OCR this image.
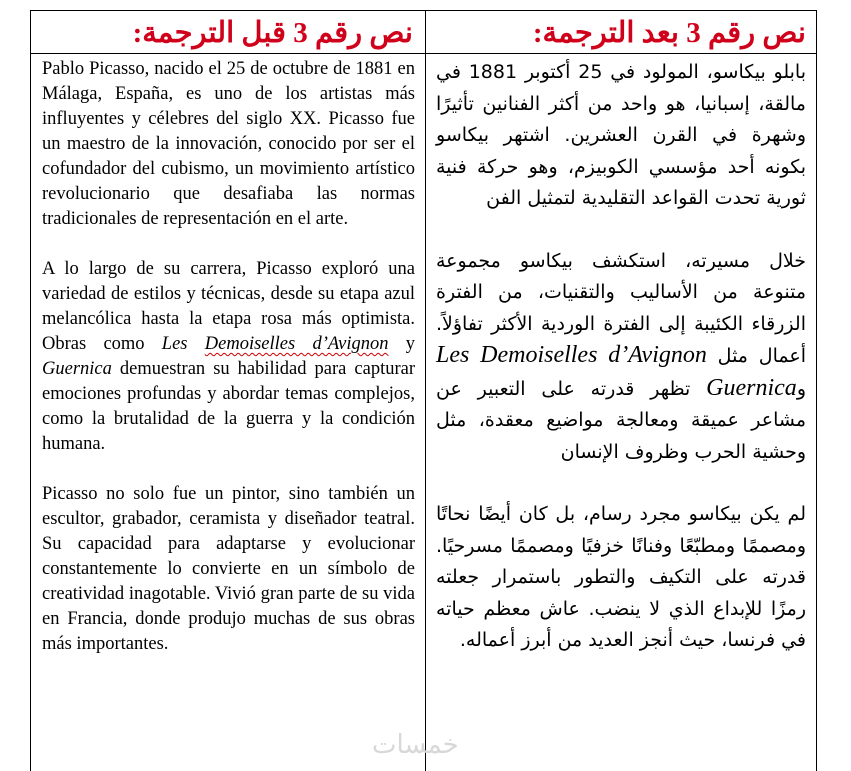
نص رقم 3 قبل الترجمة:	نص رقم 3 بعد الترجمة:

Pablo Picasso, nacido el 25 de octubre de 1881 en Málaga, España, es uno de los artistas más influyentes y célebres del siglo XX. Picasso fue un maestro de la innovación, conocido por ser el cofundador del cubismo, un movimiento artístico revolucionario que desafiaba las normas tradicionales de representación en el arte.

A lo largo de su carrera, Picasso exploró una variedad de estilos y técnicas, desde su etapa azul melancólica hasta la etapa rosa más optimista. Obras como Les Demoiselles d’Avignon y Guernica demuestran su habilidad para capturar emociones profundas y abordar temas complejos, como la brutalidad de la guerra y la condición humana.

Picasso no solo fue un pintor, sino también un escultor, grabador, ceramista y diseñador teatral. Su capacidad para adaptarse y evolucionar constantemente lo convierte en un símbolo de creatividad inagotable. Vivió gran parte de su vida en Francia, donde produjo muchas de sus obras más importantes.

بابلو بيكاسو، المولود في 25 أكتوبر 1881 في مالقة، إسبانيا، هو واحد من أكثر الفنانين تأثيرًا وشهرة في القرن العشرين. اشتهر بيكاسو بكونه أحد مؤسسي الكوبيزم، وهو حركة فنية ثورية تحدت القواعد التقليدية لتمثيل الفن

خلال مسيرته، استكشف بيكاسو مجموعة متنوعة من الأساليب والتقنيات، من الفترة الزرقاء الكئيبة إلى الفترة الوردية الأكثر تفاؤلاً. أعمال مثل Les Demoiselles d’Avignon وGuernica تظهر قدرته على التعبير عن مشاعر عميقة ومعالجة مواضيع معقدة، مثل وحشية الحرب وظروف الإنسان

لم يكن بيكاسو مجرد رسام، بل كان أيضًا نحاتًا ومصممًا ومطبّعًا وفنانًا خزفيًا ومصممًا مسرحيًا. قدرته على التكيف والتطور باستمرار جعلته رمزًا للإبداع الذي لا ينضب. عاش معظم حياته في فرنسا، حيث أنجز العديد من أبرز أعماله.

خمسات
